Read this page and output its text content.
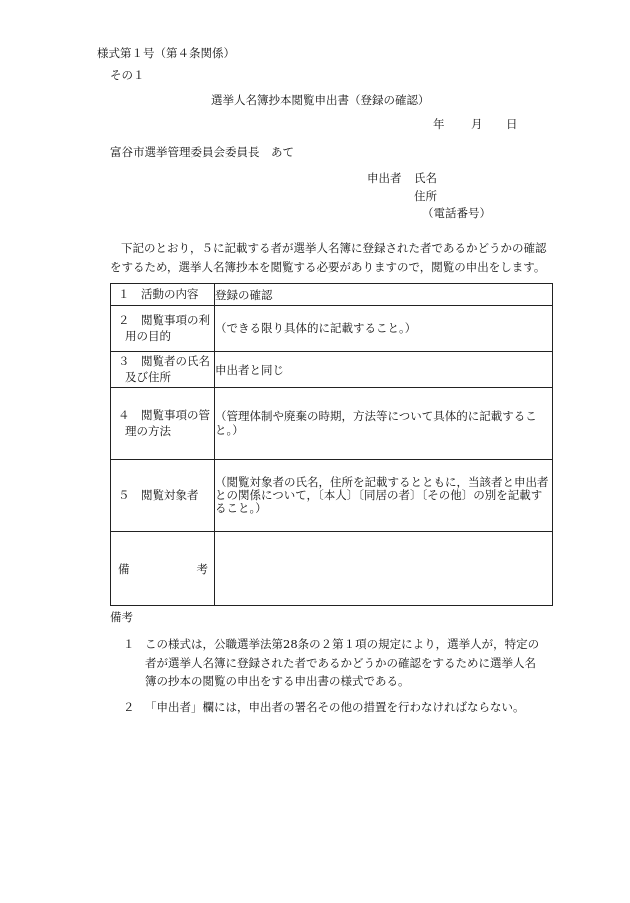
様式第１号（第４条関係）
その１
選挙人名簿抄本閲覧申出書（登録の確認）
年 月 日
富谷市選挙管理委員会委員長　あて
申出者 氏名
住所
（電話番号）
下記のとおり，５に記載する者が選挙人名簿に登録された者であるかどうかの確認をするため，選挙人名簿抄本を閲覧する必要がありますので，閲覧の申出をします。
１　活動の内容	登録の確認

２　閲覧事項の利
用の目的	（できる限り具体的に記載すること。）

３　閲覧者の氏名
及び住所	申出者と同じ

４　閲覧事項の管
理の方法	（管理体制や廃棄の時期，方法等について具体的に記載すること。）

５　閲覧対象者	（閲覧対象者の氏名，住所を記載するとともに，当該者と申出者との関係について，〔本人〕〔同居の者〕〔その他〕の別を記載すること。）

備 考	

備考
１ この様式は，公職選挙法第28条の２第１項の規定により，選挙人が，特定の者が選挙人名簿に登録された者であるかどうかの確認をするために選挙人名簿の抄本の閲覧の申出をする申出書の様式である。
２ 「申出者」欄には，申出者の署名その他の措置を行わなければならない。
